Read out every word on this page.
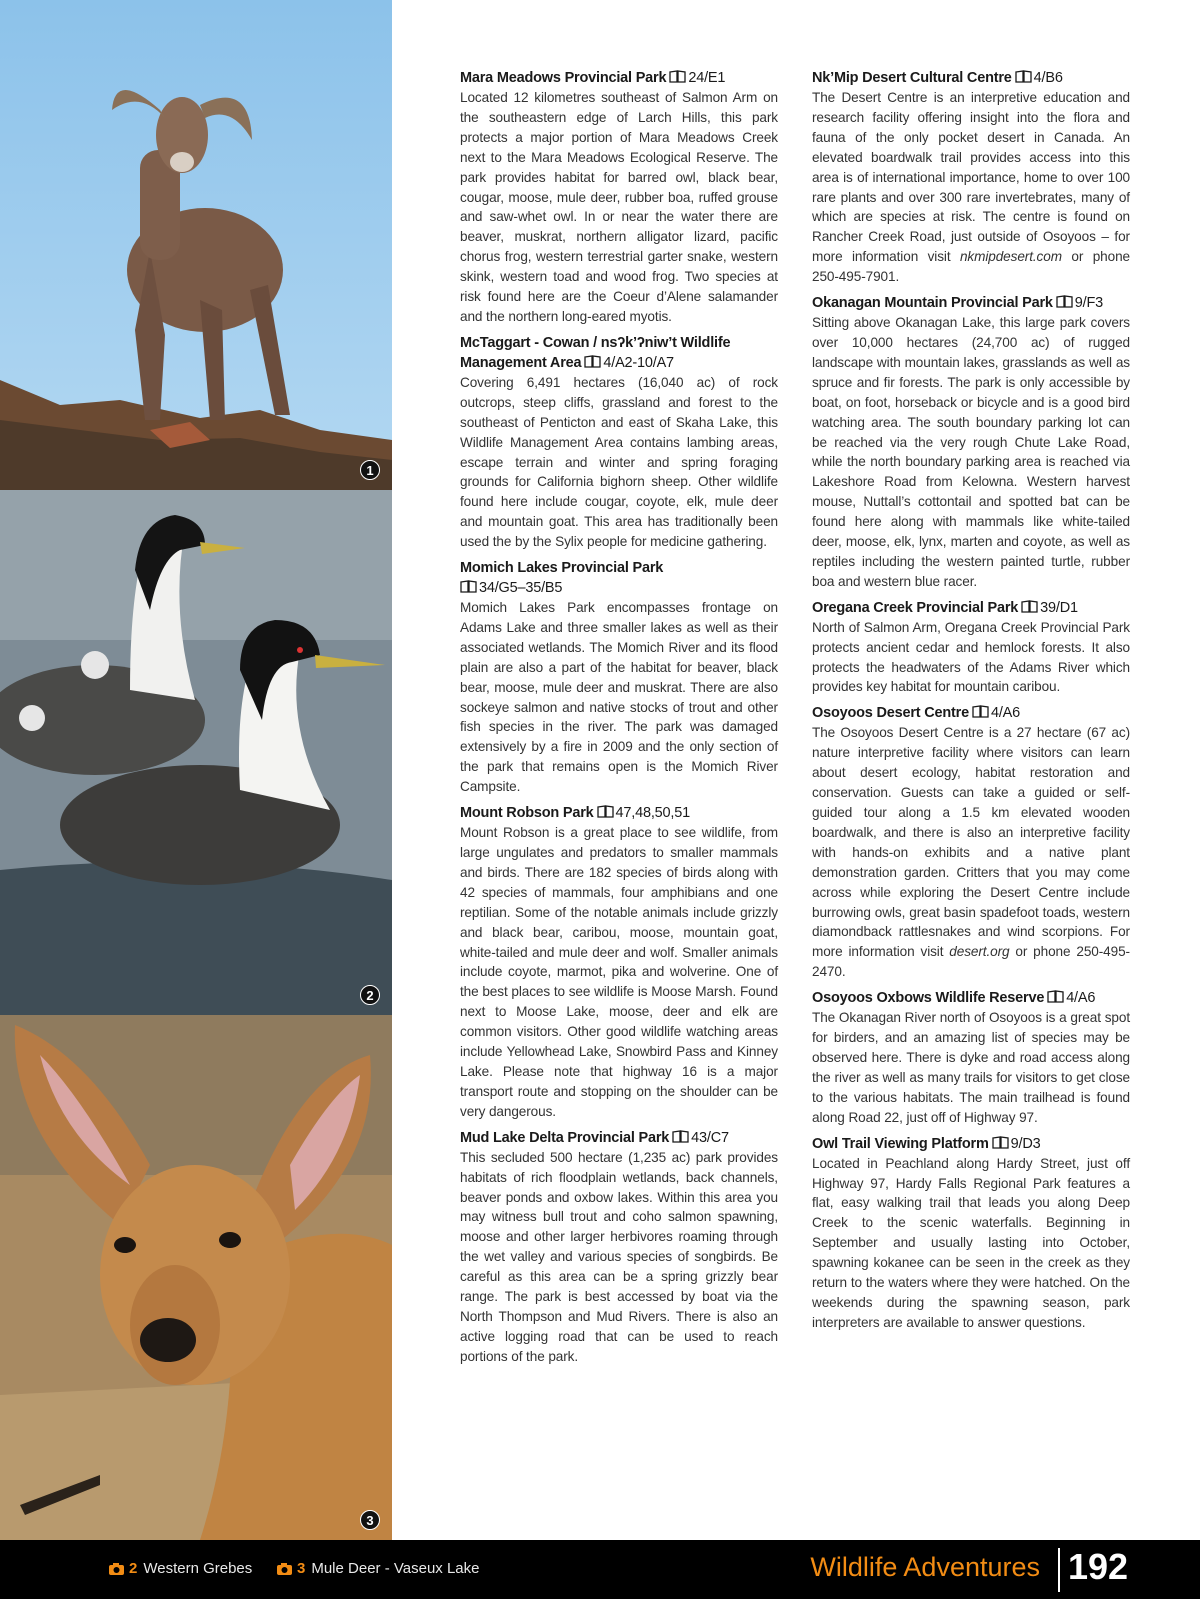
1
2
3
Mara Meadows Provincial Park 24/E1

Located 12 kilometres southeast of Salmon Arm on the southeastern edge of Larch Hills, this park protects a major portion of Mara Meadows Creek next to the Mara Meadows Ecological Reserve. The park provides habitat for barred owl, black bear, cougar, moose, mule deer, rubber boa, ruffed grouse and saw-whet owl. In or near the water there are beaver, muskrat, northern alligator lizard, pacific chorus frog, western terrestrial garter snake, western skink, western toad and wood frog. Two species at risk found here are the Coeur d’Alene salamander and the northern long-eared myotis.

McTaggart - Cowan / nsʔk’ʔniw’t Wildlife Management Area 4/A2-10/A7

Covering 6,491 hectares (16,040 ac) of rock outcrops, steep cliffs, grassland and forest to the southeast of Penticton and east of Skaha Lake, this Wildlife Management Area contains lambing areas, escape terrain and winter and spring foraging grounds for California bighorn sheep. Other wildlife found here include cougar, coyote, elk, mule deer and mountain goat. This area has traditionally been used the by the Sylix people for medicine gathering.

Momich Lakes Provincial Park
34/G5–35/B5

Momich Lakes Park encompasses frontage on Adams Lake and three smaller lakes as well as their associated wetlands. The Momich River and its flood plain are also a part of the habitat for beaver, black bear, moose, mule deer and muskrat. There are also sockeye salmon and native stocks of trout and other fish species in the river. The park was damaged extensively by a fire in 2009 and the only section of the park that remains open is the Momich River Campsite.

Mount Robson Park 47,48,50,51

Mount Robson is a great place to see wildlife, from large ungulates and predators to smaller mammals and birds. There are 182 species of birds along with 42 species of mammals, four amphibians and one reptilian. Some of the notable animals include grizzly and black bear, caribou, moose, mountain goat, white-tailed and mule deer and wolf. Smaller animals include coyote, marmot, pika and wolverine. One of the best places to see wildlife is Moose Marsh. Found next to Moose Lake, moose, deer and elk are common visitors. Other good wildlife watching areas include Yellowhead Lake, Snowbird Pass and Kinney Lake. Please note that highway 16 is a major transport route and stopping on the shoulder can be very dangerous.

Mud Lake Delta Provincial Park 43/C7

This secluded 500 hectare (1,235 ac) park provides habitats of rich floodplain wetlands, back channels, beaver ponds and oxbow lakes. Within this area you may witness bull trout and coho salmon spawning, moose and other larger herbivores roaming through the wet valley and various species of songbirds. Be careful as this area can be a spring grizzly bear range. The park is best accessed by boat via the North Thompson and Mud Rivers. There is also an active logging road that can be used to reach portions of the park.

Nk’Mip Desert Cultural Centre 4/B6

The Desert Centre is an interpretive education and research facility offering insight into the flora and fauna of the only pocket desert in Canada. An elevated boardwalk trail provides access into this area is of international importance, home to over 100 rare plants and over 300 rare invertebrates, many of which are species at risk. The centre is found on Rancher Creek Road, just outside of Osoyoos – for more information visit nkmipdesert.com or phone 250-495-7901.

Okanagan Mountain Provincial Park 9/F3

Sitting above Okanagan Lake, this large park covers over 10,000 hectares (24,700 ac) of rugged landscape with mountain lakes, grasslands as well as spruce and fir forests. The park is only accessible by boat, on foot, horseback or bicycle and is a good bird watching area. The south boundary parking lot can be reached via the very rough Chute Lake Road, while the north boundary parking area is reached via Lakeshore Road from Kelowna. Western harvest mouse, Nuttall’s cottontail and spotted bat can be found here along with mammals like white-tailed deer, moose, elk, lynx, marten and coyote, as well as reptiles including the western painted turtle, rubber boa and western blue racer.

Oregana Creek Provincial Park 39/D1

North of Salmon Arm, Oregana Creek Provincial Park protects ancient cedar and hemlock forests. It also protects the headwaters of the Adams River which provides key habitat for mountain caribou.

Osoyoos Desert Centre 4/A6

The Osoyoos Desert Centre is a 27 hectare (67 ac) nature interpretive facility where visitors can learn about desert ecology, habitat restoration and conservation. Guests can take a guided or self-guided tour along a 1.5 km elevated wooden boardwalk, and there is also an interpretive facility with hands-on exhibits and a native plant demonstration garden. Critters that you may come across while exploring the Desert Centre include burrowing owls, great basin spadefoot toads, western diamondback rattlesnakes and wind scorpions. For more information visit desert.org or phone 250-495-2470.

Osoyoos Oxbows Wildlife Reserve 4/A6

The Okanagan River north of Osoyoos is a great spot for birders, and an amazing list of species may be observed here. There is dyke and road access along the river as well as many trails for visitors to get close to the various habitats. The main trailhead is found along Road 22, just off of Highway 97.

Owl Trail Viewing Platform 9/D3

Located in Peachland along Hardy Street, just off Highway 97, Hardy Falls Regional Park features a flat, easy walking trail that leads you along Deep Creek to the scenic waterfalls. Beginning in September and usually lasting into October, spawning kokanee can be seen in the creek as they return to the waters where they were hatched. On the weekends during the spawning season, park interpreters are available to answer questions.

2 Western Grebes	3 Mule Deer - Vaseux Lake	Wildlife Adventures 192
